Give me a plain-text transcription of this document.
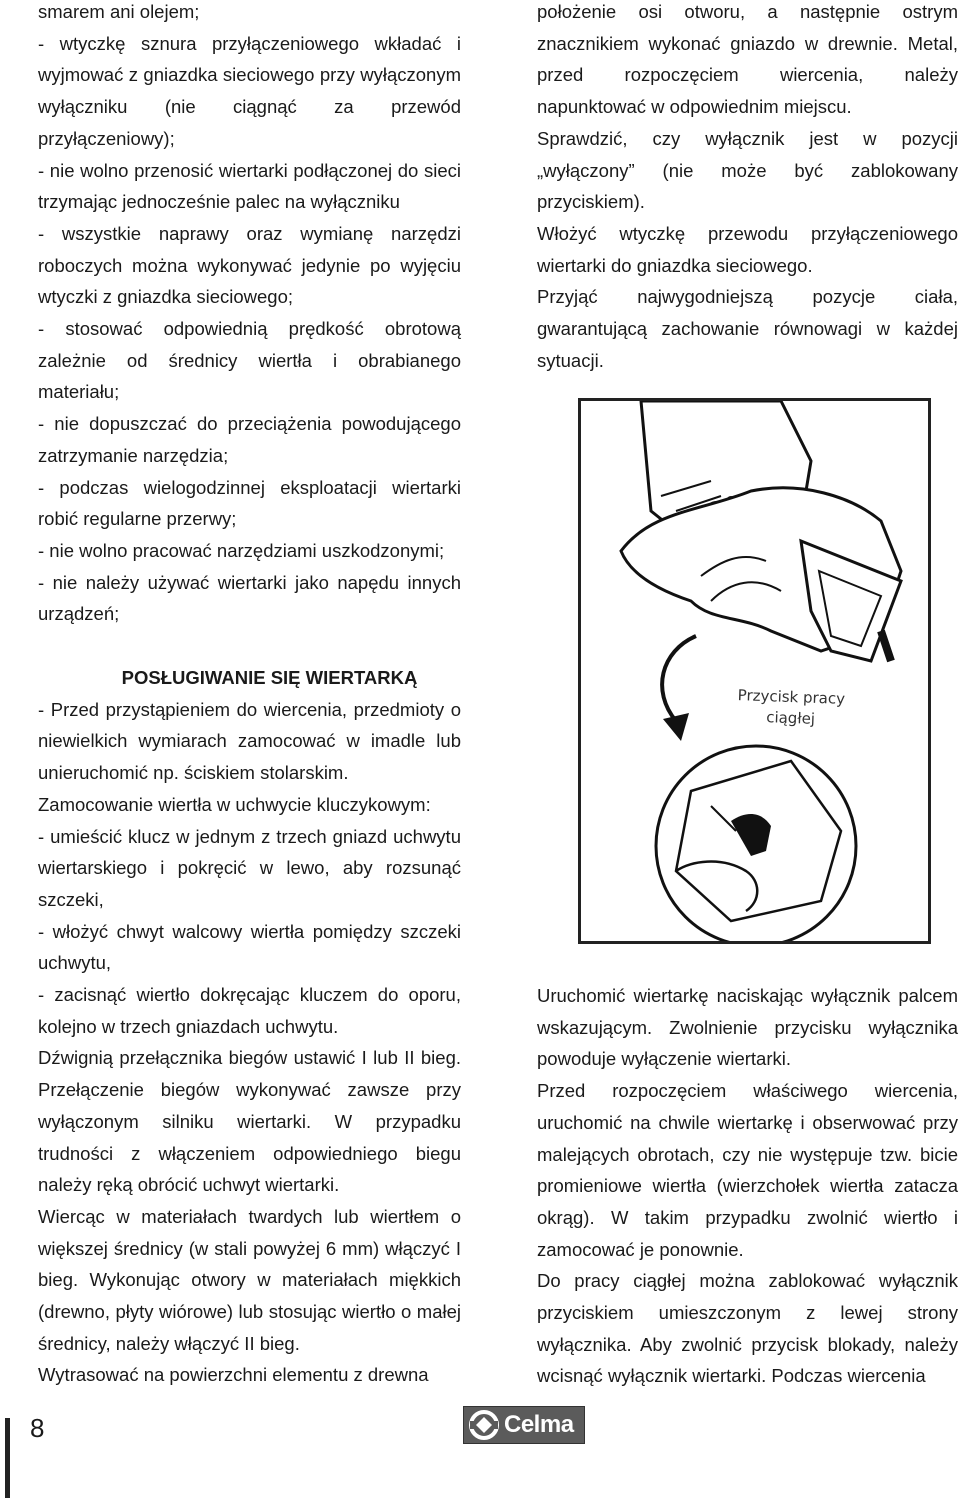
smarem ani olejem;

- wtyczkę sznura przyłączeniowego wkładać i wyjmować z gniazdka sieciowego przy wyłączonym wyłączniku (nie ciągnąć za przewód przyłączeniowy);

- nie wolno przenosić wiertarki podłączonej do sieci trzymając jednocześnie palec na wyłączniku

- wszystkie naprawy oraz wymianę narzędzi roboczych można wykonywać jedynie po wyjęciu wtyczki z gniazdka sieciowego;

- stosować odpowiednią prędkość obrotową zależnie od średnicy wiertła i obrabianego materiału;

- nie dopuszczać do przeciążenia powodującego zatrzymanie narzędzia;

- podczas wielogodzinnej eksploatacji wiertarki robić regularne przerwy;

- nie wolno pracować narzędziami uszkodzonymi;

- nie należy używać wiertarki jako napędu innych urządzeń;

POSŁUGIWANIE SIĘ WIERTARKĄ

- Przed przystąpieniem do wiercenia, przedmioty o niewielkich wymiarach zamocować w imadle lub unieruchomić np. ściskiem stolarskim.

Zamocowanie wiertła w uchwycie kluczykowym:

- umieścić klucz w jednym z trzech gniazd uchwytu wiertarskiego i pokręcić w lewo, aby rozsunąć szczeki,

- włożyć chwyt walcowy wiertła pomiędzy szczeki uchwytu,

- zacisnąć wiertło dokręcając kluczem do oporu, kolejno w trzech gniazdach uchwytu.

Dźwignią przełącznika biegów ustawić I lub II bieg. Przełączenie biegów wykonywać zawsze przy wyłączonym silniku wiertarki. W przypadku trudności z włączeniem odpowiedniego biegu należy ręką obrócić uchwyt wiertarki.

Wiercąc w materiałach twardych lub wiertłem o większej średnicy (w stali powyżej 6 mm) włączyć I bieg. Wykonując otwory w materiałach miękkich (drewno, płyty wiórowe) lub stosując wiertło o małej średnicy, należy włączyć II bieg.

Wytrasować na powierzchni elementu z drewna

położenie osi otworu, a następnie ostrym znacznikiem wykonać gniazdo w drewnie. Metal, przed rozpoczęciem wiercenia, należy napunktować w odpowiednim miejscu.

Sprawdzić, czy wyłącznik jest w pozycji „wyłączony” (nie może być zablokowany przyciskiem).

Włożyć wtyczkę przewodu przyłączeniowego wiertarki do gniazdka sieciowego.

Przyjąć najwygodniejszą pozycje ciała, gwarantującą zachowanie równowagi w każdej sytuacji.

Przycisk pracy ciągłej

Uruchomić wiertarkę naciskając wyłącznik palcem wskazującym. Zwolnienie przycisku wyłącznika powoduje wyłączenie wiertarki.

Przed rozpoczęciem właściwego wiercenia, uruchomić na chwile wiertarkę i obserwować przy malejących obrotach, czy nie występuje tzw. bicie promieniowe wiertła (wierzchołek wiertła zatacza okrąg). W takim przypadku zwolnić wiertło i zamocować je ponownie.

Do pracy ciągłej można zablokować wyłącznik przyciskiem umieszczonym z lewej strony wyłącznika. Aby zwolnić przycisk blokady, należy wcisnąć wyłącznik wiertarki. Podczas wiercenia

8	Celma
